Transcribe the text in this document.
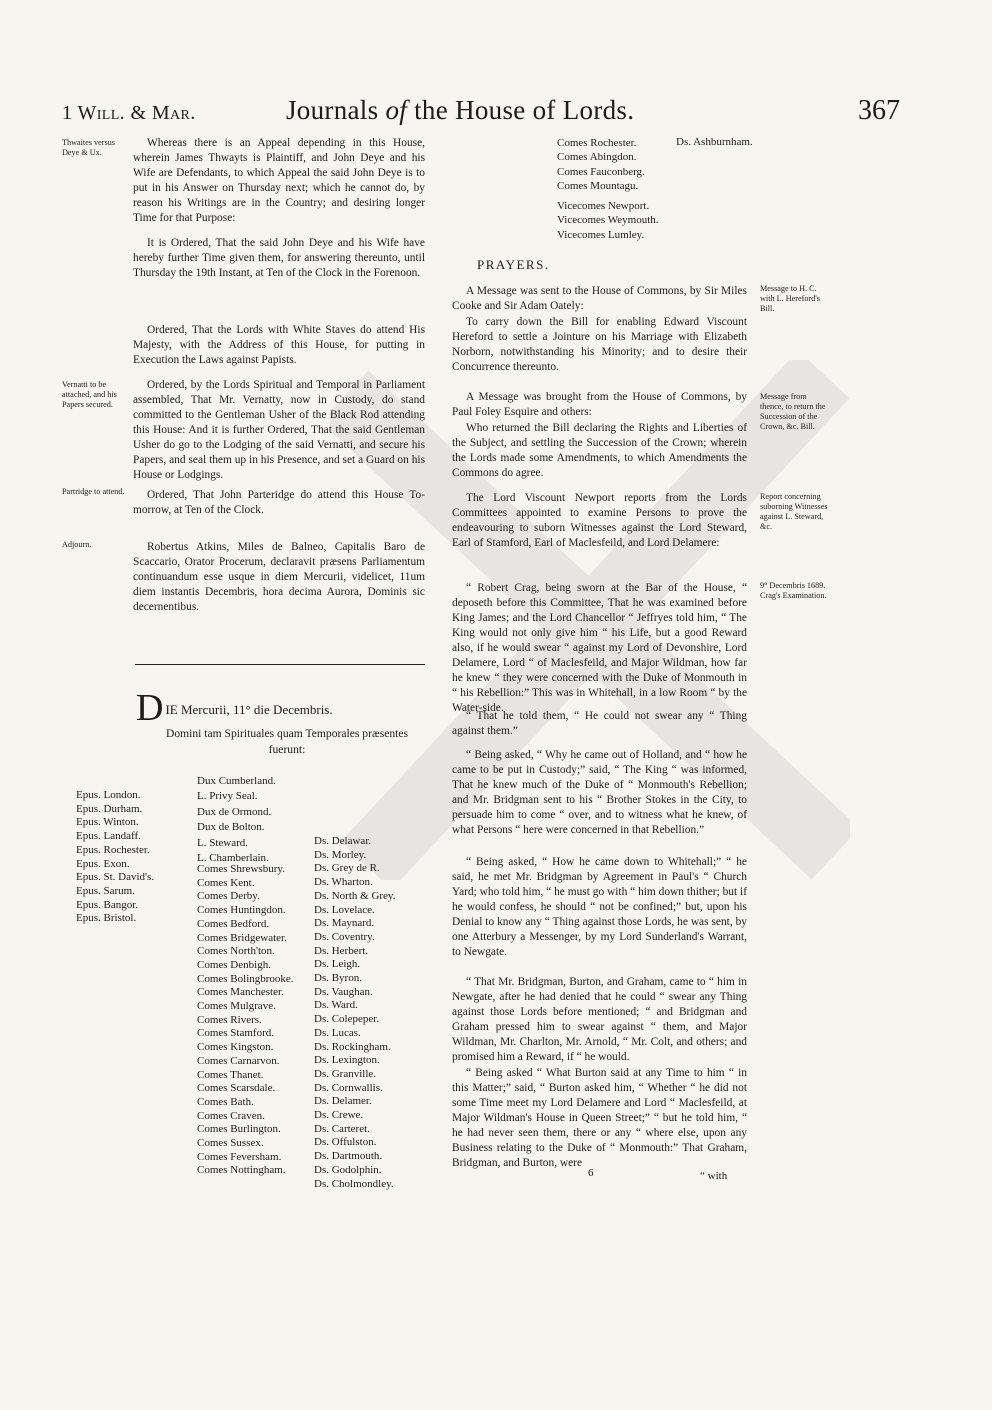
1 Will. & Mar.	Journals of the House of Lords.	367
Thwaites versus Deye & Ux.
Vernatti to be attached, and his Papers secured.
Partridge to attend.
Adjourn.

Whereas there is an Appeal depending in this House, wherein James Thwayts is Plaintiff, and John Deye and his Wife are Defendants, to which Appeal the said John Deye is to put in his Answer on Thursday next; which he cannot do, by reason his Writings are in the Country; and desiring longer Time for that Purpose:

It is Ordered, That the said John Deye and his Wife have hereby further Time given them, for answering thereunto, until Thursday the 19th Instant, at Ten of the Clock in the Forenoon.

Ordered, That the Lords with White Staves do attend His Majesty, with the Address of this House, for putting in Execution the Laws against Papists.

Ordered, by the Lords Spiritual and Temporal in Parliament assembled, That Mr. Vernatty, now in Custody, do stand committed to the Gentleman Usher of the Black Rod attending this House: And it is further Ordered, That the said Gentleman Usher do go to the Lodging of the said Vernatti, and secure his Papers, and seal them up in his Presence, and set a Guard on his House or Lodgings.

Ordered, That John Parteridge do attend this House To-morrow, at Ten of the Clock.

Robertus Atkins, Miles de Balneo, Capitalis Baro de Scaccario, Orator Procerum, declaravit præsens Parliamentum continuandum esse usque in diem Mercurii, videlicet, 11um diem instantis Decembris, hora decima Aurora, Dominis sic decernentibus.

DIE Mercurii, 11° die Decembris.
Domini tam Spirituales quam Temporales præsentes fuerunt:
Epus. London.
Epus. Durham.
Epus. Winton.
Epus. Landaff.
Epus. Rochester.
Epus. Exon.
Epus. St. David's.
Epus. Sarum.
Epus. Bangor.
Epus. Bristol.
Dux Cumberland.
L. Privy Seal.
Dux de Ormond.
Dux de Bolton.
L. Steward.
L. Chamberlain.
Comes Shrewsbury.
Comes Kent.
Comes Derby.
Comes Huntingdon.
Comes Bedford.
Comes Bridgewater.
Comes North'ton.
Comes Denbigh.
Comes Bolingbrooke.
Comes Manchester.
Comes Mulgrave.
Comes Rivers.
Comes Stamford.
Comes Kingston.
Comes Carnarvon.
Comes Thanet.
Comes Scarsdale.
Comes Bath.
Comes Craven.
Comes Burlington.
Comes Sussex.
Comes Feversham.
Comes Nottingham.
Ds. Delawar.
Ds. Morley.
Ds. Grey de R.
Ds. Wharton.
Ds. North & Grey.
Ds. Lovelace.
Ds. Maynard.
Ds. Coventry.
Ds. Herbert.
Ds. Leigh.
Ds. Byron.
Ds. Vaughan.
Ds. Ward.
Ds. Colepeper.
Ds. Lucas.
Ds. Rockingham.
Ds. Lexington.
Ds. Granville.
Ds. Cornwallis.
Ds. Delamer.
Ds. Crewe.
Ds. Carteret.
Ds. Offulston.
Ds. Dartmouth.
Ds. Godolphin.
Ds. Cholmondley.
Comes Rochester.
Comes Abingdon.
Comes Fauconberg.
Comes Mountagu.
Vicecomes Newport.
Vicecomes Weymouth.
Vicecomes Lumley.
Ds. Ashburnham.
PRAYERS.
Message to H. C. with L. Hereford's Bill.
Message from thence, to return the Succession of the Crown, &c. Bill.
Report concerning suborning Witnesses against L. Steward, &c.
9° Decembris 1689. Crag's Examination.

A Message was sent to the House of Commons, by Sir Miles Cooke and Sir Adam Oately:

To carry down the Bill for enabling Edward Viscount Hereford to settle a Jointure on his Marriage with Elizabeth Norborn, notwithstanding his Minority; and to desire their Concurrence thereunto.

A Message was brought from the House of Commons, by Paul Foley Esquire and others:

Who returned the Bill declaring the Rights and Liberties of the Subject, and settling the Succession of the Crown; wherein the Lords made some Amendments, to which Amendments the Commons do agree.

The Lord Viscount Newport reports from the Lords Committees appointed to examine Persons to prove the endeavouring to suborn Witnesses against the Lord Steward, Earl of Stamford, Earl of Maclesfeild, and Lord Delamere:

“ Robert Crag, being sworn at the Bar of the House, “ deposeth before this Committee, That he was examined before King James; and the Lord Chancellor “ Jeffryes told him, “ The King would not only give him “ his Life, but a good Reward also, if he would swear “ against my Lord of Devonshire, Lord Delamere, Lord “ of Maclesfeild, and Major Wildman, how far he knew “ they were concerned with the Duke of Monmouth in “ his Rebellion:” This was in Whitehall, in a low Room “ by the Water-side.

“ That he told them, “ He could not swear any “ Thing against them.”

“ Being asked, “ Why he came out of Holland, and “ how he came to be put in Custody;” said, “ The King “ was informed, That he knew much of the Duke of “ Monmouth's Rebellion; and Mr. Bridgman sent to his “ Brother Stokes in the City, to persuade him to come “ over, and to witness what he knew, of what Persons “ here were concerned in that Rebellion.”

“ Being asked, “ How he came down to Whitehall;” “ he said, he met Mr. Bridgman by Agreement in Paul's “ Church Yard; who told him, “ he must go with “ him down thither; but if he would confess, he should “ not be confined;” but, upon his Denial to know any “ Thing against those Lords, he was sent, by one Atterbury a Messenger, by my Lord Sunderland's Warrant, to Newgate.

“ That Mr. Bridgman, Burton, and Graham, came to “ him in Newgate, after he had denied that he could “ swear any Thing against those Lords before mentioned; “ and Bridgman and Graham pressed him to swear against “ them, and Major Wildman, Mr. Charlton, Mr. Arnold, “ Mr. Colt, and others; and promised him a Reward, if “ he would.

“ Being asked “ What Burton said at any Time to him “ in this Matter;” said, “ Burton asked him, “ Whether “ he did not some Time meet my Lord Delamere and Lord “ Maclesfeild, at Major Wildman's House in Queen Street;” “ but he told him, “ he had never seen them, there or any “ where else, upon any Business relating to the Duke of “ Monmouth:” That Graham, Bridgman, and Burton, were

6	“ with
